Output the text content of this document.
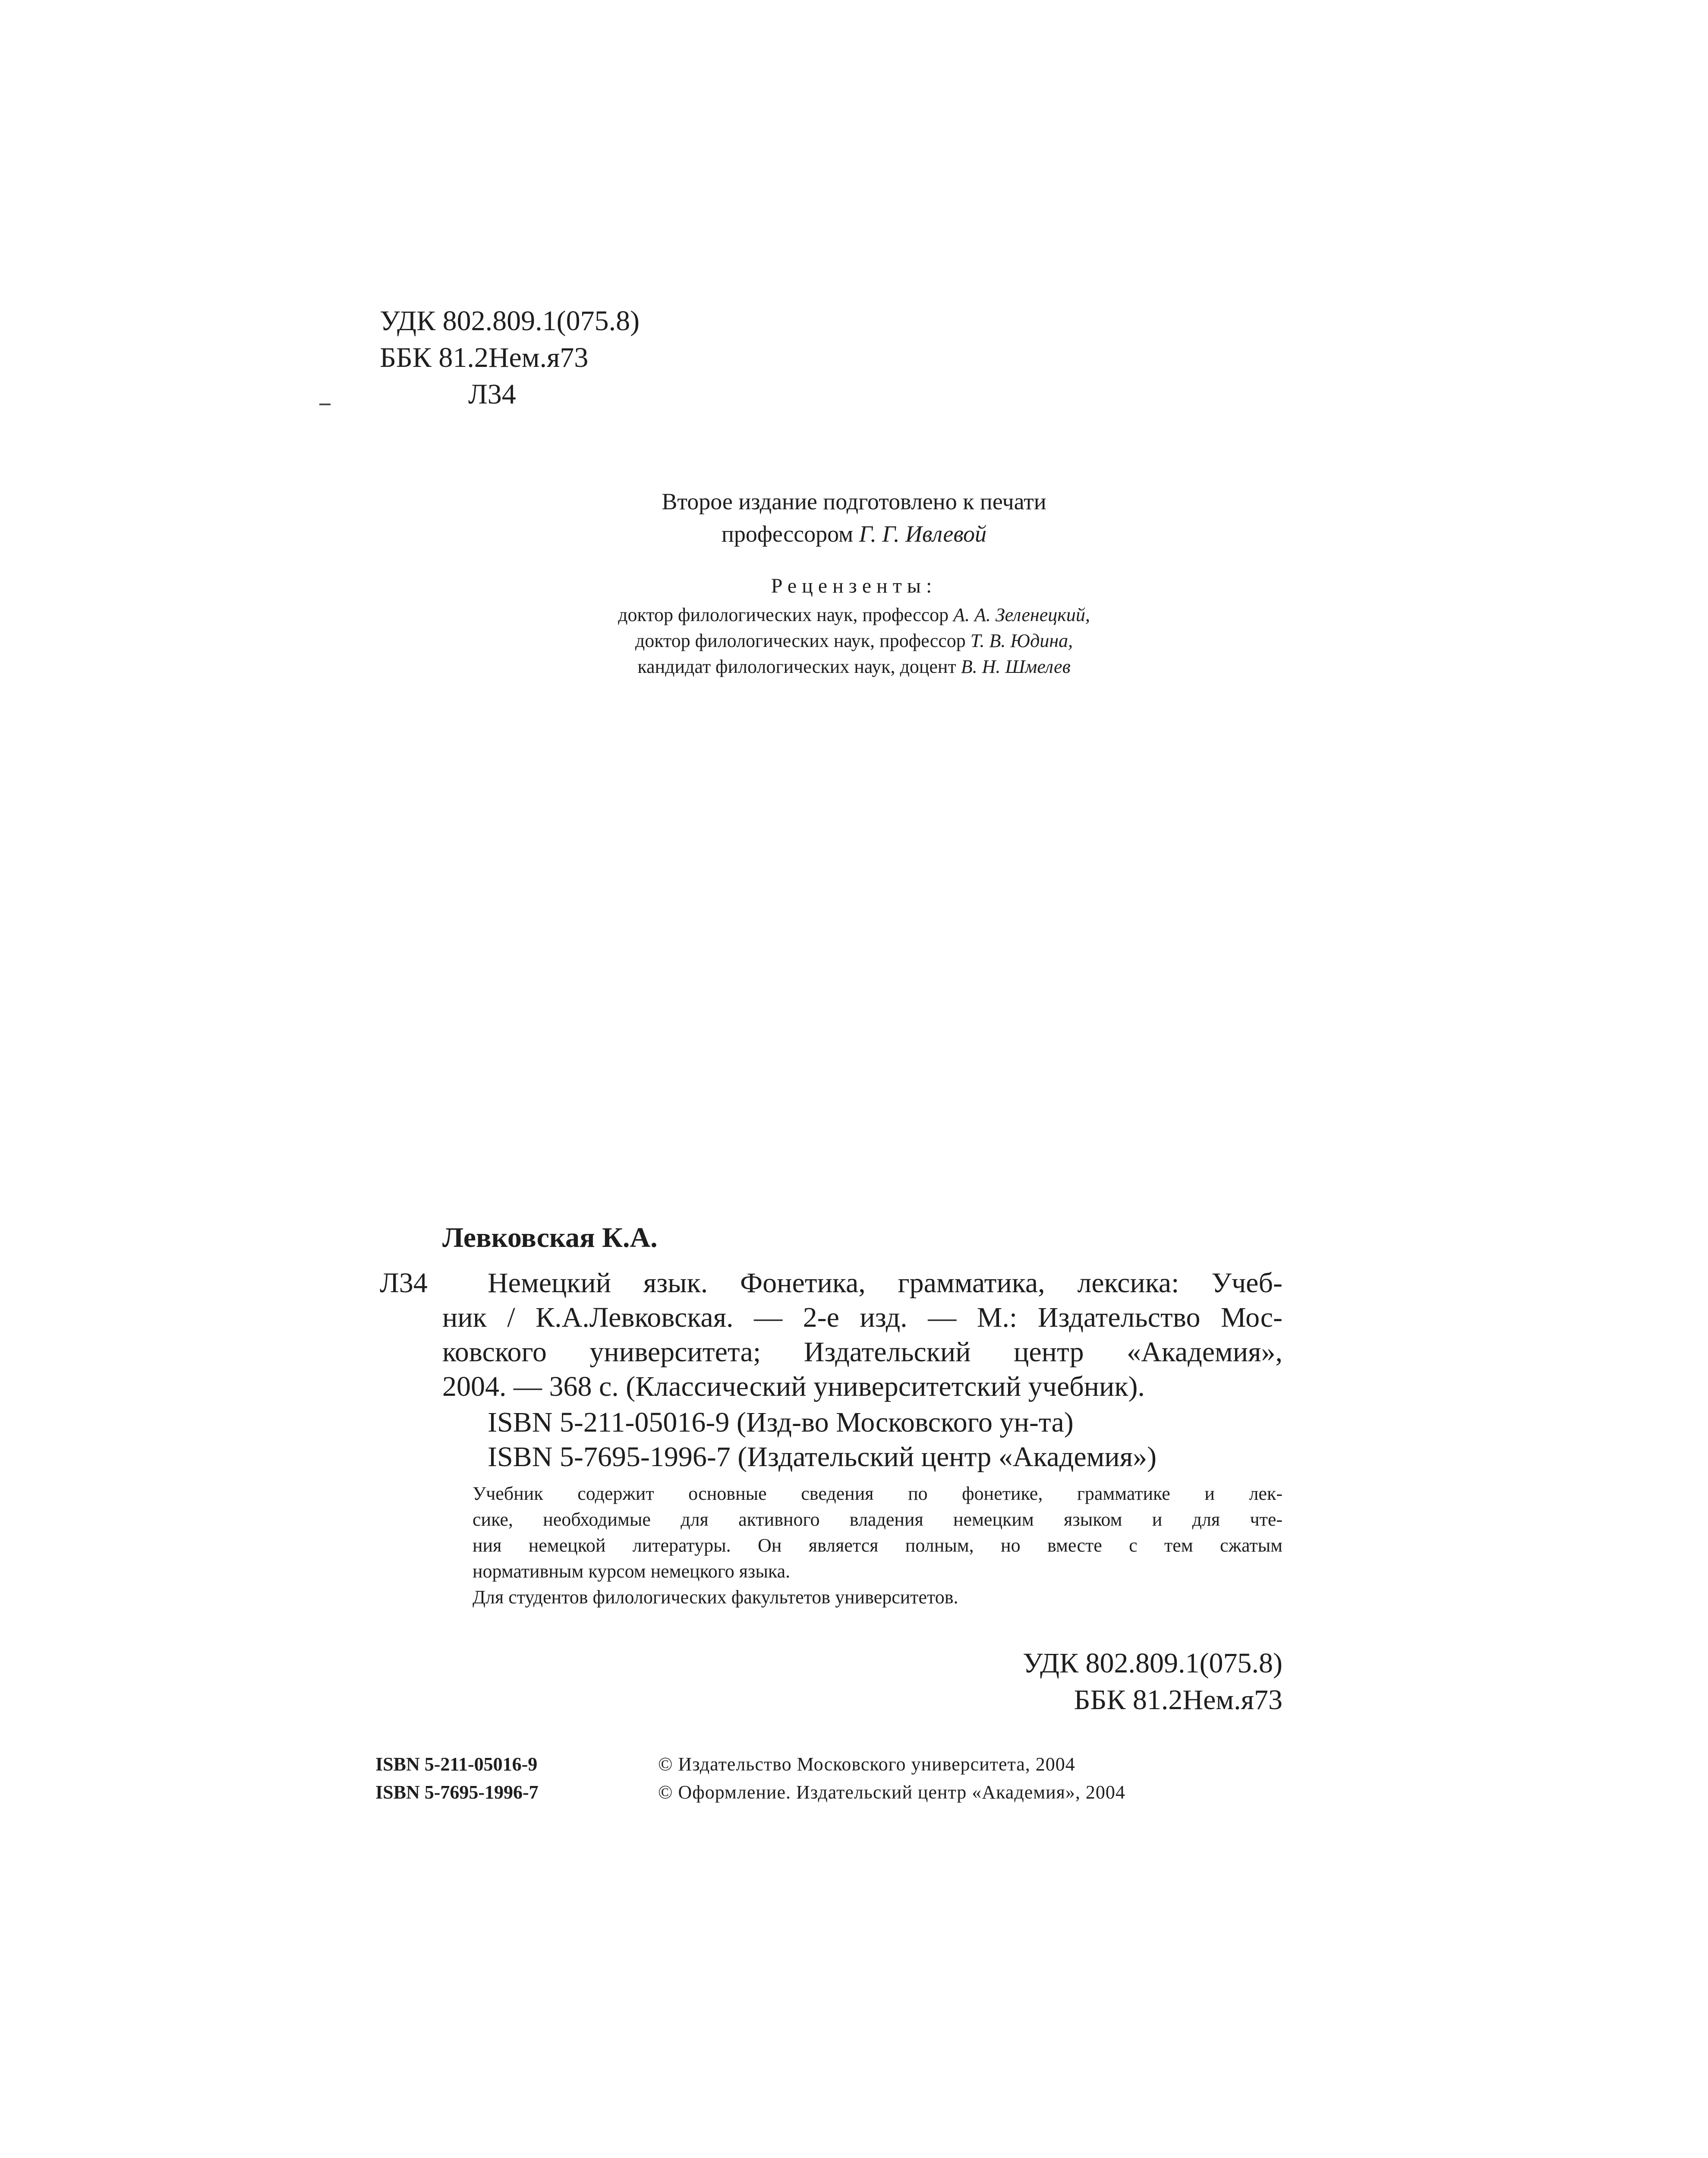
УДК 802.809.1(075.8)
ББК 81.2Нем.я73
Л34
Второе издание подготовлено к печати
профессором Г. Г. Ивлевой
Рецензенты:
доктор филологических наук, профессор А. А. Зеленецкий,
доктор филологических наук, профессор Т. В. Юдина,
кандидат филологических наук, доцент В. Н. Шмелев
Левковская К.А.
Л34 Немецкий язык. Фонетика, грамматика, лексика: Учеб-
ник / К.А.Левковская. — 2-е изд. — М.: Издательство Мос-
ковского университета; Издательский центр «Академия»,
2004. — 368 с. (Классический университетский учебник).
ISBN 5-211-05016-9 (Изд-во Московского ун-та)
ISBN 5-7695-1996-7 (Издательский центр «Академия»)
Учебник содержит основные сведения по фонетике, грамматике и лек-
сике, необходимые для активного владения немецким языком и для чте-
ния немецкой литературы. Он является полным, но вместе с тем сжатым
нормативным курсом немецкого языка.
Для студентов филологических факультетов университетов.
УДК 802.809.1(075.8)
ББК 81.2Нем.я73
ISBN 5-211-05016-9	© Издательство Московского университета, 2004
ISBN 5-7695-1996-7	© Оформление. Издательский центр «Академия», 2004
